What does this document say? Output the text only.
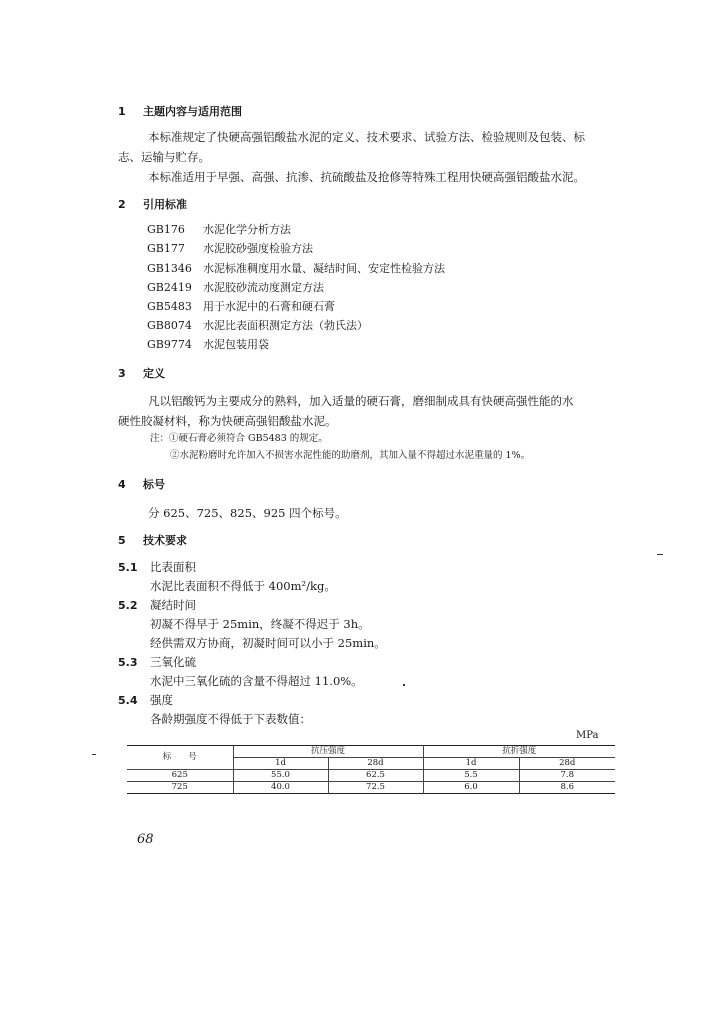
1 主题内容与适用范围
本标准规定了快硬高强铝酸盐水泥的定义、技术要求、试验方法、检验规则及包装、标
志、运输与贮存。
本标准适用于早强、高强、抗渗、抗硫酸盐及抢修等特殊工程用快硬高强铝酸盐水泥。
2 引用标准
GB176 水泥化学分析方法
GB177 水泥胶砂强度检验方法
GB1346 水泥标准稠度用水量、凝结时间、安定性检验方法
GB2419 水泥胶砂流动度测定方法
GB5483 用于水泥中的石膏和硬石膏
GB8074 水泥比表面积测定方法（勃氏法）
GB9774 水泥包装用袋
3 定义
凡以铝酸钙为主要成分的熟料，加入适量的硬石膏，磨细制成具有快硬高强性能的水
硬性胶凝材料，称为快硬高强铝酸盐水泥。
注：①硬石膏必须符合 GB5483 的规定。
②水泥粉磨时允许加入不损害水泥性能的助磨剂，其加入量不得超过水泥重量的 1%。
4 标号
分 625、725、825、925 四个标号。
5 技术要求
5.1 比表面积
水泥比表面积不得低于 400m²/kg。
5.2 凝结时间
初凝不得早于 25min，终凝不得迟于 3h。
经供需双方协商，初凝时间可以小于 25min。
5.3 三氧化硫
水泥中三氧化硫的含量不得超过 11.0%。
5.4 强度
各龄期强度不得低于下表数值：
MPa
标　　号	抗压强度		抗折强度	
	1d	28d	1d	28d
625	55.0	62.5	5.5	7.8
725	40.0	72.5	6.0	8.6
68
